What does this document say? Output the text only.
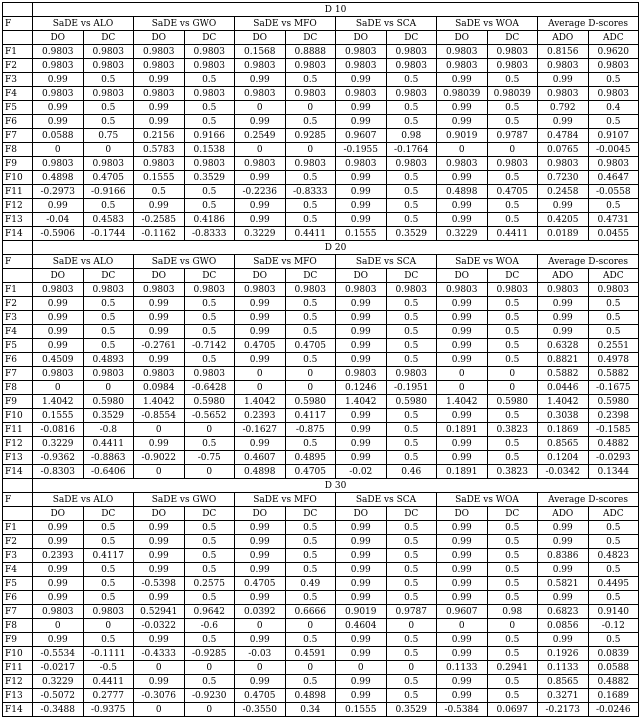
	D 10											
F	SaDE vs ALO		SaDE vs GWO		SaDE vs MFO		SaDE vs SCA		SaDE vs WOA		Average D-scores	
	DO	DC	DO	DC	DO	DC	DO	DC	DO	DC	ADO	ADC
F1	0.9803	0.9803	0.9803	0.9803	0.1568	0.8888	0.9803	0.9803	0.9803	0.9803	0.8156	0.9620
F2	0.9803	0.9803	0.9803	0.9803	0.9803	0.9803	0.9803	0.9803	0.9803	0.9803	0.9803	0.9803
F3	0.99	0.5	0.99	0.5	0.99	0.5	0.99	0.5	0.99	0.5	0.99	0.5
F4	0.9803	0.9803	0.9803	0.9803	0.9803	0.9803	0.9803	0.9803	0.98039	0.98039	0.9803	0.9803
F5	0.99	0.5	0.99	0.5	0	0	0.99	0.5	0.99	0.5	0.792	0.4
F6	0.99	0.5	0.99	0.5	0.99	0.5	0.99	0.5	0.99	0.5	0.99	0.5
F7	0.0588	0.75	0.2156	0.9166	0.2549	0.9285	0.9607	0.98	0.9019	0.9787	0.4784	0.9107
F8	0	0	0.5783	0.1538	0	0	-0.1955	-0.1764	0	0	0.0765	-0.0045
F9	0.9803	0.9803	0.9803	0.9803	0.9803	0.9803	0.9803	0.9803	0.9803	0.9803	0.9803	0.9803
F10	0.4898	0.4705	0.1555	0.3529	0.99	0.5	0.99	0.5	0.99	0.5	0.7230	0.4647
F11	-0.2973	-0.9166	0.5	0.5	-0.2236	-0.8333	0.99	0.5	0.4898	0.4705	0.2458	-0.0558
F12	0.99	0.5	0.99	0.5	0.99	0.5	0.99	0.5	0.99	0.5	0.99	0.5
F13	-0.04	0.4583	-0.2585	0.4186	0.99	0.5	0.99	0.5	0.99	0.5	0.4205	0.4731
F14	-0.5906	-0.1744	-0.1162	-0.8333	0.3229	0.4411	0.1555	0.3529	0.3229	0.4411	0.0189	0.0455
	D 20											
F	SaDE vs ALO		SaDE vs GWO		SaDE vs MFO		SaDE vs SCA		SaDE vs WOA		Average D-scores	
	DO	DC	DO	DC	DO	DC	DO	DC	DO	DC	ADO	ADC
F1	0.9803	0.9803	0.9803	0.9803	0.9803	0.9803	0.9803	0.9803	0.9803	0.9803	0.9803	0.9803
F2	0.99	0.5	0.99	0.5	0.99	0.5	0.99	0.5	0.99	0.5	0.99	0.5
F3	0.99	0.5	0.99	0.5	0.99	0.5	0.99	0.5	0.99	0.5	0.99	0.5
F4	0.99	0.5	0.99	0.5	0.99	0.5	0.99	0.5	0.99	0.5	0.99	0.5
F5	0.99	0.5	-0.2761	-0.7142	0.4705	0.4705	0.99	0.5	0.99	0.5	0.6328	0.2551
F6	0.4509	0.4893	0.99	0.5	0.99	0.5	0.99	0.5	0.99	0.5	0.8821	0.4978
F7	0.9803	0.9803	0.9803	0.9803	0	0	0.9803	0.9803	0	0	0.5882	0.5882
F8	0	0	0.0984	-0.6428	0	0	0.1246	-0.1951	0	0	0.0446	-0.1675
F9	1.4042	0.5980	1.4042	0.5980	1.4042	0.5980	1.4042	0.5980	1.4042	0.5980	1.4042	0.5980
F10	0.1555	0.3529	-0.8554	-0.5652	0.2393	0.4117	0.99	0.5	0.99	0.5	0.3038	0.2398
F11	-0.0816	-0.8	0	0	-0.1627	-0.875	0.99	0.5	0.1891	0.3823	0.1869	-0.1585
F12	0.3229	0.4411	0.99	0.5	0.99	0.5	0.99	0.5	0.99	0.5	0.8565	0.4882
F13	-0.9362	-0.8863	-0.9022	-0.75	0.4607	0.4895	0.99	0.5	0.99	0.5	0.1204	-0.0293
F14	-0.8303	-0.6406	0	0	0.4898	0.4705	-0.02	0.46	0.1891	0.3823	-0.0342	0.1344
	D 30											
F	SaDE vs ALO		SaDE vs GWO		SaDE vs MFO		SaDE vs SCA		SaDE vs WOA		Average D-scores	
	DO	DC	DO	DC	DO	DC	DO	DC	DO	DC	ADO	ADC
F1	0.99	0.5	0.99	0.5	0.99	0.5	0.99	0.5	0.99	0.5	0.99	0.5
F2	0.99	0.5	0.99	0.5	0.99	0.5	0.99	0.5	0.99	0.5	0.99	0.5
F3	0.2393	0.4117	0.99	0.5	0.99	0.5	0.99	0.5	0.99	0.5	0.8386	0.4823
F4	0.99	0.5	0.99	0.5	0.99	0.5	0.99	0.5	0.99	0.5	0.99	0.5
F5	0.99	0.5	-0.5398	0.2575	0.4705	0.49	0.99	0.5	0.99	0.5	0.5821	0.4495
F6	0.99	0.5	0.99	0.5	0.99	0.5	0.99	0.5	0.99	0.5	0.99	0.5
F7	0.9803	0.9803	0.52941	0.9642	0.0392	0.6666	0.9019	0.9787	0.9607	0.98	0.6823	0.9140
F8	0	0	-0.0322	-0.6	0	0	0.4604	0	0	0	0.0856	-0.12
F9	0.99	0.5	0.99	0.5	0.99	0.5	0.99	0.5	0.99	0.5	0.99	0.5
F10	-0.5534	-0.1111	-0.4333	-0.9285	-0.03	0.4591	0.99	0.5	0.99	0.5	0.1926	0.0839
F11	-0.0217	-0.5	0	0	0	0	0	0	0.1133	0.2941	0.1133	0.0588
F12	0.3229	0.4411	0.99	0.5	0.99	0.5	0.99	0.5	0.99	0.5	0.8565	0.4882
F13	-0.5072	0.2777	-0.3076	-0.9230	0.4705	0.4898	0.99	0.5	0.99	0.5	0.3271	0.1689
F14	-0.3488	-0.9375	0	0	-0.3550	0.34	0.1555	0.3529	-0.5384	0.0697	-0.2173	-0.0246
